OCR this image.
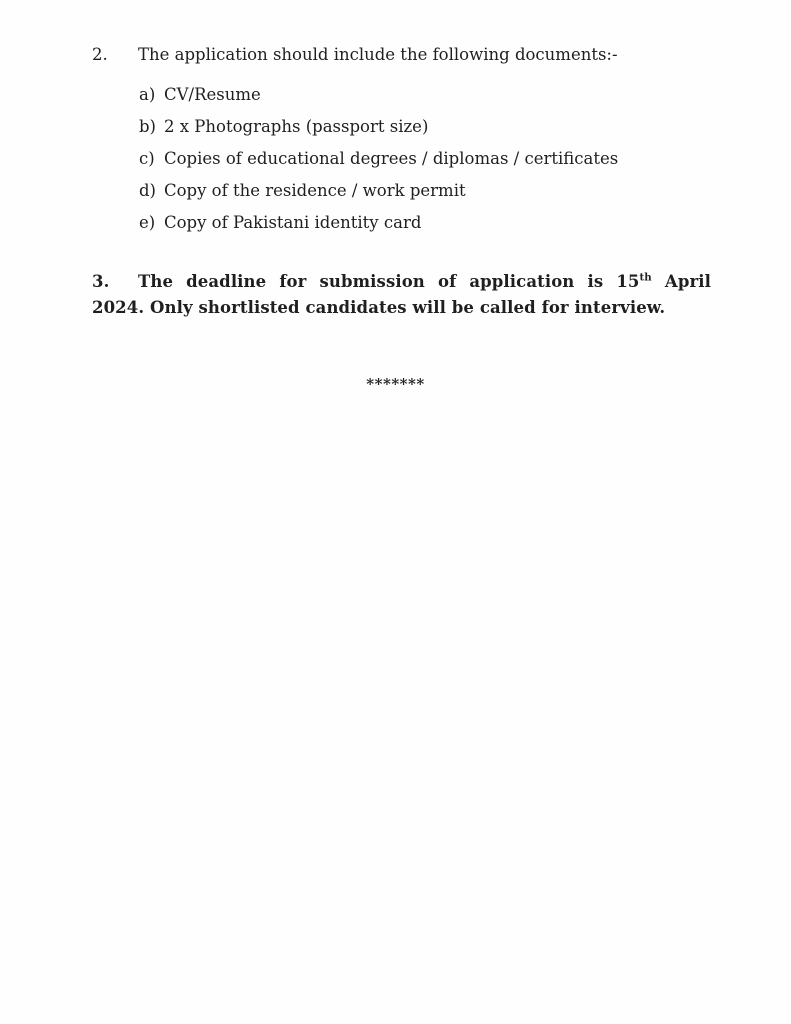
2. The application should include the following documents:-
a) CV/Resume
b) 2 x Photographs (passport size)
c) Copies of educational degrees / diplomas / certificates
d) Copy of the residence / work permit
e) Copy of Pakistani identity card
3. The deadline for submission of application is 15th April 2024. Only shortlisted candidates will be called for interview.
*******
